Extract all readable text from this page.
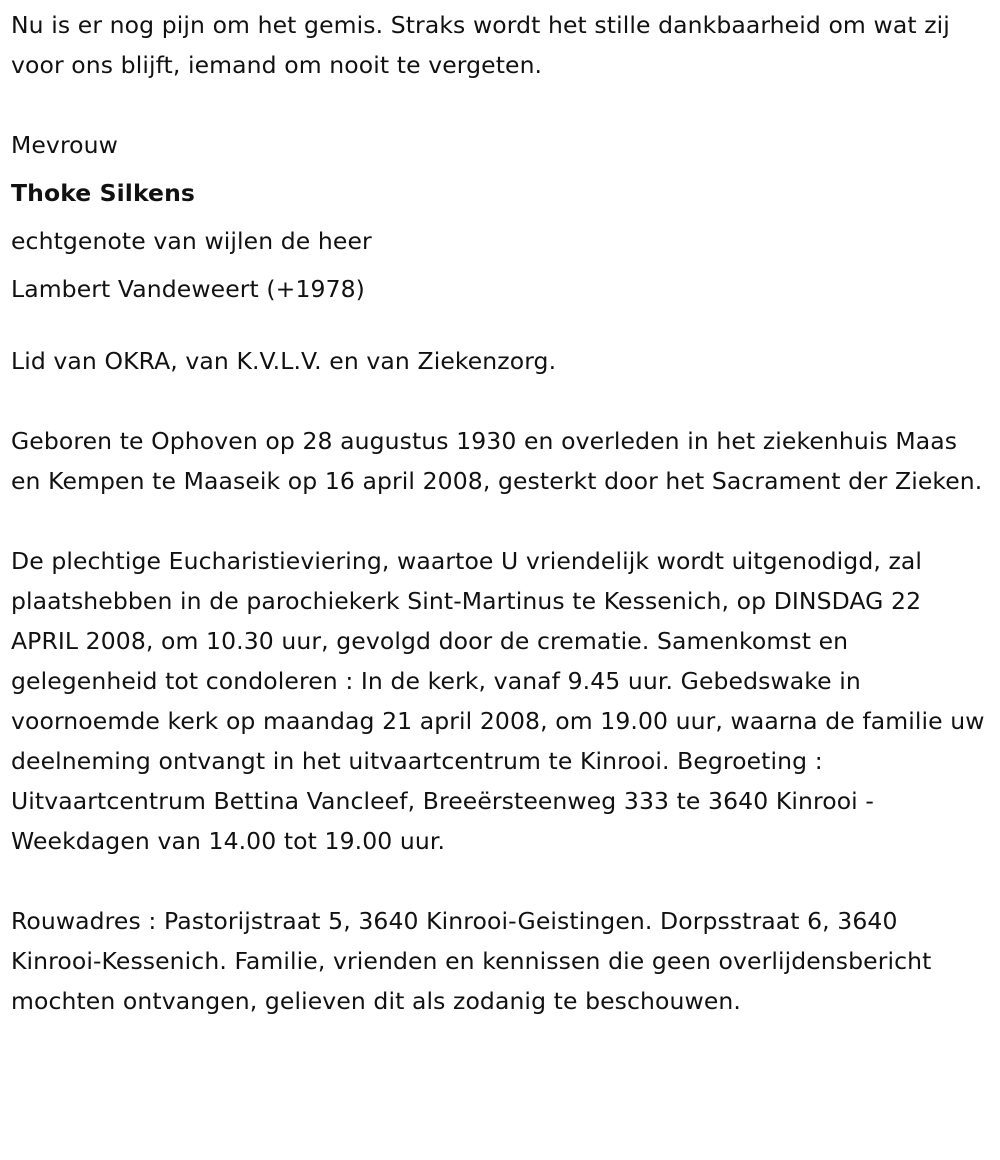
Nu is er nog pijn om het gemis. Straks wordt het stille dankbaarheid om wat zij voor ons blijft, iemand om nooit te vergeten.

Mevrouw

Thoke Silkens

echtgenote van wijlen de heer

Lambert Vandeweert (+1978)

Lid van OKRA, van K.V.L.V. en van Ziekenzorg.

Geboren te Ophoven op 28 augustus 1930 en overleden in het ziekenhuis Maas en Kempen te Maaseik op 16 april 2008, gesterkt door het Sacrament der Zieken.

De plechtige Eucharistieviering, waartoe U vriendelijk wordt uitgenodigd, zal plaatshebben in de parochiekerk Sint-Martinus te Kessenich, op DINSDAG 22 APRIL 2008, om 10.30 uur, gevolgd door de crematie. Samenkomst en gelegenheid tot condoleren : In de kerk, vanaf 9.45 uur. Gebedswake in voornoemde kerk op maandag 21 april 2008, om 19.00 uur, waarna de familie uw deelneming ontvangt in het uitvaartcentrum te Kinrooi. Begroeting : Uitvaartcentrum Bettina Vancleef, Breeërsteenweg 333 te 3640 Kinrooi - Weekdagen van 14.00 tot 19.00 uur.

Rouwadres : Pastorijstraat 5, 3640 Kinrooi-Geistingen. Dorpsstraat 6, 3640 Kinrooi-Kessenich. Familie, vrienden en kennissen die geen overlijdensbericht mochten ontvangen, gelieven dit als zodanig te beschouwen.
